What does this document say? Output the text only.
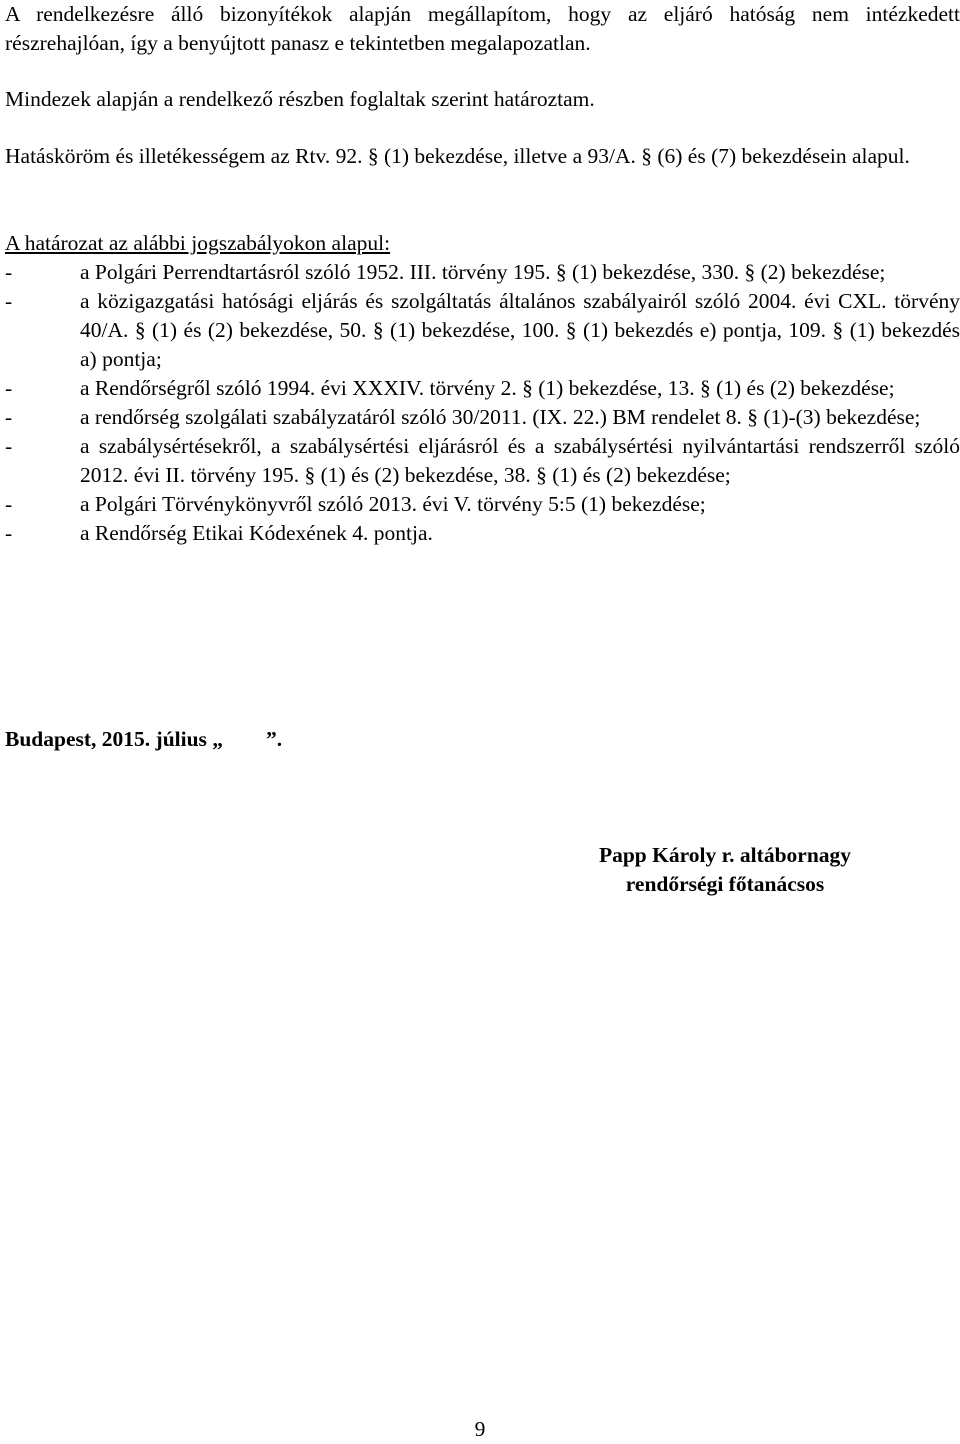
A rendelkezésre álló bizonyítékok alapján megállapítom, hogy az eljáró hatóság nem intézkedett részrehajlóan, így a benyújtott panasz e tekintetben megalapozatlan.

Mindezek alapján a rendelkező részben foglaltak szerint határoztam.

Hatásköröm és illetékességem az Rtv. 92. § (1) bekezdése, illetve a 93/A. § (6) és (7) bekezdésein alapul.

A határozat az alábbi jogszabályokon alapul:

-	a Polgári Perrendtartásról szóló 1952. III. törvény 195. § (1) bekezdése, 330. § (2) bekezdése;
-	a közigazgatási hatósági eljárás és szolgáltatás általános szabályairól szóló 2004. évi CXL. törvény 40/A. § (1) és (2) bekezdése, 50. § (1) bekezdése, 100. § (1) bekezdés e) pontja, 109. § (1) bekezdés a) pontja;
-	a Rendőrségről szóló 1994. évi XXXIV. törvény 2. § (1) bekezdése, 13. § (1) és (2) bekezdése;
-	a rendőrség szolgálati szabályzatáról szóló 30/2011. (IX. 22.) BM rendelet 8. § (1)-(3) bekezdése;
-	a szabálysértésekről, a szabálysértési eljárásról és a szabálysértési nyilvántartási rendszerről szóló 2012. évi II. törvény 195. § (1) és (2) bekezdése, 38. § (1) és (2) bekezdése;
-	a Polgári Törvénykönyvről szóló 2013. évi V. törvény 5:5 (1) bekezdése;
-	a Rendőrség Etikai Kódexének 4. pontja.

Budapest, 2015. július „        ”.

Papp Károly r. altábornagy
rendőrségi főtanácsos
9
